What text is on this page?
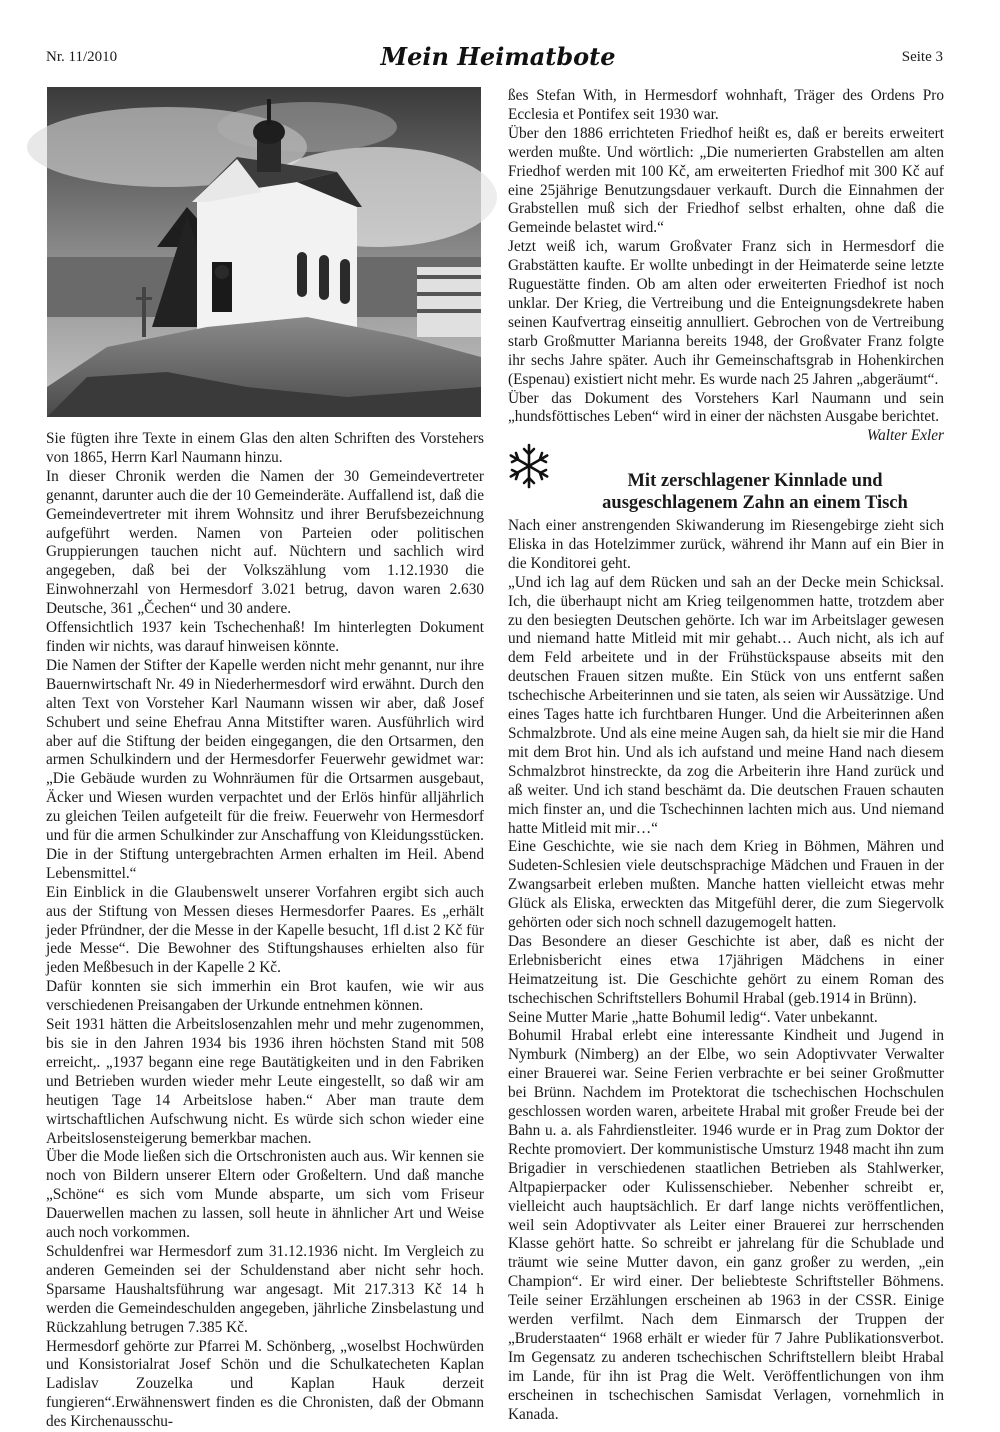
Nr. 11/2010	Mein Heimatbote	Seite 3

Sie fügten ihre Texte in einem Glas den alten Schriften des Vorstehers von 1865, Herrn Karl Naumann hinzu.

In dieser Chronik werden die Namen der 30 Gemeindevertreter genannt, darunter auch die der 10 Gemeinderäte. Auffallend ist, daß die Gemeindevertreter mit ihrem Wohnsitz und ihrer Berufsbezeichnung aufgeführt werden. Namen von Parteien oder politischen Gruppierungen tauchen nicht auf. Nüchtern und sachlich wird angegeben, daß bei der Volkszählung vom 1.12.1930 die Einwohnerzahl von Hermesdorf 3.021 betrug, davon waren 2.630 Deutsche, 361 „Čechen“ und 30 andere.

Offensichtlich 1937 kein Tschechenhaß! Im hinterlegten Dokument finden wir nichts, was darauf hinweisen könnte.

Die Namen der Stifter der Kapelle werden nicht mehr genannt, nur ihre Bauernwirtschaft Nr. 49 in Niederhermesdorf wird erwähnt. Durch den alten Text von Vorsteher Karl Naumann wissen wir aber, daß Josef Schubert und seine Ehefrau Anna Mitstifter waren. Ausführlich wird aber auf die Stiftung der beiden eingegangen, die den Ortsarmen, den armen Schulkindern und der Hermesdorfer Feuerwehr gewidmet war: „Die Gebäude wurden zu Wohnräumen für die Ortsarmen ausgebaut, Äcker und Wiesen wurden verpachtet und der Erlös hinfür alljährlich zu gleichen Teilen aufgeteilt für die freiw. Feuerwehr von Hermesdorf und für die armen Schulkinder zur Anschaffung von Kleidungsstücken. Die in der Stiftung untergebrachten Armen erhalten im Heil. Abend Lebensmittel.“

Ein Einblick in die Glaubenswelt unserer Vorfahren ergibt sich auch aus der Stiftung von Messen dieses Hermesdorfer Paares. Es „erhält jeder Pfründner, der die Messe in der Kapelle besucht, 1fl d.ist 2 Kč für jede Messe“. Die Bewohner des Stiftungshauses erhielten also für jeden Meßbesuch in der Kapelle 2 Kč.

Dafür konnten sie sich immerhin ein Brot kaufen, wie wir aus verschiedenen Preisangaben der Urkunde entnehmen können.

Seit 1931 hätten die Arbeitslosenzahlen mehr und mehr zugenommen, bis sie in den Jahren 1934 bis 1936 ihren höchsten Stand mit 508 erreicht,. „1937 begann eine rege Bautätigkeiten und in den Fabriken und Betrieben wurden wieder mehr Leute eingestellt, so daß wir am heutigen Tage 14 Arbeitslose haben.“ Aber man traute dem wirtschaftlichen Aufschwung nicht. Es würde sich schon wieder eine Arbeitslosensteigerung bemerkbar machen.

Über die Mode ließen sich die Ortschronisten auch aus. Wir kennen sie noch von Bildern unserer Eltern oder Großeltern. Und daß manche „Schöne“ es sich vom Munde absparte, um sich vom Friseur Dauerwellen machen zu lassen, soll heute in ähnlicher Art und Weise auch noch vorkommen.

Schuldenfrei war Hermesdorf zum 31.12.1936 nicht. Im Vergleich zu anderen Gemeinden sei der Schuldenstand aber nicht sehr hoch. Sparsame Haushaltsführung war angesagt. Mit 217.313 Kč 14 h werden die Gemeindeschulden angegeben, jährliche Zinsbelastung und Rückzahlung betrugen 7.385 Kč.

Hermesdorf gehörte zur Pfarrei M. Schönberg, „woselbst Hochwürden und Konsistorialrat Josef Schön und die Schulkatecheten Kaplan Ladislav Zouzelka und Kaplan Hauk derzeit fungieren“.Erwähnenswert finden es die Chronisten, daß der Obmann des Kirchenausschu-

ßes Stefan With, in Hermesdorf wohnhaft, Träger des Ordens Pro Ecclesia et Pontifex seit 1930 war.

Über den 1886 errichteten Friedhof heißt es, daß er bereits erweitert werden mußte. Und wörtlich: „Die numerierten Grabstellen am alten Friedhof werden mit 100 Kč, am erweiterten Friedhof mit 300 Kč auf eine 25jährige Benutzungsdauer verkauft. Durch die Einnahmen der Grabstellen muß sich der Friedhof selbst erhalten, ohne daß die Gemeinde belastet wird.“

Jetzt weiß ich, warum Großvater Franz sich in Hermesdorf die Grabstätten kaufte. Er wollte unbedingt in der Heimaterde seine letzte Ruguestätte finden. Ob am alten oder erweiterten Friedhof ist noch unklar. Der Krieg, die Vertreibung und die Enteignungsdekrete haben seinen Kaufvertrag einseitig annulliert. Gebrochen von de Vertreibung starb Großmutter Marianna bereits 1948, der Großvater Franz folgte ihr sechs Jahre später. Auch ihr Gemeinschaftsgrab in Hohenkirchen (Espenau) existiert nicht mehr. Es wurde nach 25 Jahren „abgeräumt“.

Über das Dokument des Vorstehers Karl Naumann und sein „hundsföttisches Leben“ wird in einer der nächsten Ausgabe berichtet.

Walter Exler

Mit zerschlagener Kinnlade und
ausgeschlagenem Zahn an einem Tisch

Nach einer anstrengenden Skiwanderung im Riesengebirge zieht sich Eliska in das Hotelzimmer zurück, während ihr Mann auf ein Bier in die Konditorei geht.

„Und ich lag auf dem Rücken und sah an der Decke mein Schicksal. Ich, die überhaupt nicht am Krieg teilgenommen hatte, trotzdem aber zu den besiegten Deutschen gehörte. Ich war im Arbeitslager gewesen und niemand hatte Mitleid mit mir gehabt… Auch nicht, als ich auf dem Feld arbeitete und in der Frühstückspause abseits mit den deutschen Frauen sitzen mußte. Ein Stück von uns entfernt saßen tschechische Arbeiterinnen und sie taten, als seien wir Aussätzige. Und eines Tages hatte ich furchtbaren Hunger. Und die Arbeiterinnen aßen Schmalzbrote. Und als eine meine Augen sah, da hielt sie mir die Hand mit dem Brot hin. Und als ich aufstand und meine Hand nach diesem Schmalzbrot hinstreckte, da zog die Arbeiterin ihre Hand zurück und aß weiter. Und ich stand beschämt da. Die deutschen Frauen schauten mich finster an, und die Tschechinnen lachten mich aus. Und niemand hatte Mitleid mit mir…“

Eine Geschichte, wie sie nach dem Krieg in Böhmen, Mähren und Sudeten-Schlesien viele deutschsprachige Mädchen und Frauen in der Zwangsarbeit erleben mußten. Manche hatten vielleicht etwas mehr Glück als Eliska, erweckten das Mitgefühl derer, die zum Siegervolk gehörten oder sich noch schnell dazugemogelt hatten.

Das Besondere an dieser Geschichte ist aber, daß es nicht der Erlebnisbericht eines etwa 17jährigen Mädchens in einer Heimatzeitung ist. Die Geschichte gehört zu einem Roman des tschechischen Schriftstellers Bohumil Hrabal (geb.1914 in Brünn).

Seine Mutter Marie „hatte Bohumil ledig“. Vater unbekannt.

Bohumil Hrabal erlebt eine interessante Kindheit und Jugend in Nymburk (Nimberg) an der Elbe, wo sein Adoptivvater Verwalter einer Brauerei war. Seine Ferien verbrachte er bei seiner Großmutter bei Brünn. Nachdem im Protektorat die tschechischen Hochschulen geschlossen worden waren, arbeitete Hrabal mit großer Freude bei der Bahn u. a. als Fahrdienstleiter. 1946 wurde er in Prag zum Doktor der Rechte promoviert. Der kommunistische Umsturz 1948 macht ihn zum Brigadier in verschiedenen staatlichen Betrieben als Stahlwerker, Altpapierpacker oder Kulissenschieber. Nebenher schreibt er, vielleicht auch hauptsächlich. Er darf lange nichts veröffentlichen, weil sein Adoptivvater als Leiter einer Brauerei zur herrschenden Klasse gehört hatte. So schreibt er jahrelang für die Schublade und träumt wie seine Mutter davon, ein ganz großer zu werden, „ein Champion“. Er wird einer. Der beliebteste Schriftsteller Böhmens. Teile seiner Erzählungen erscheinen ab 1963 in der CSSR. Einige werden verfilmt. Nach dem Einmarsch der Truppen der „Bruderstaaten“ 1968 erhält er wieder für 7 Jahre Publikationsverbot. Im Gegensatz zu anderen tschechischen Schriftstellern bleibt Hrabal im Lande, für ihn ist Prag die Welt. Veröffentlichungen von ihm erscheinen in tschechischen Samisdat Verlagen, vornehmlich in Kanada.
